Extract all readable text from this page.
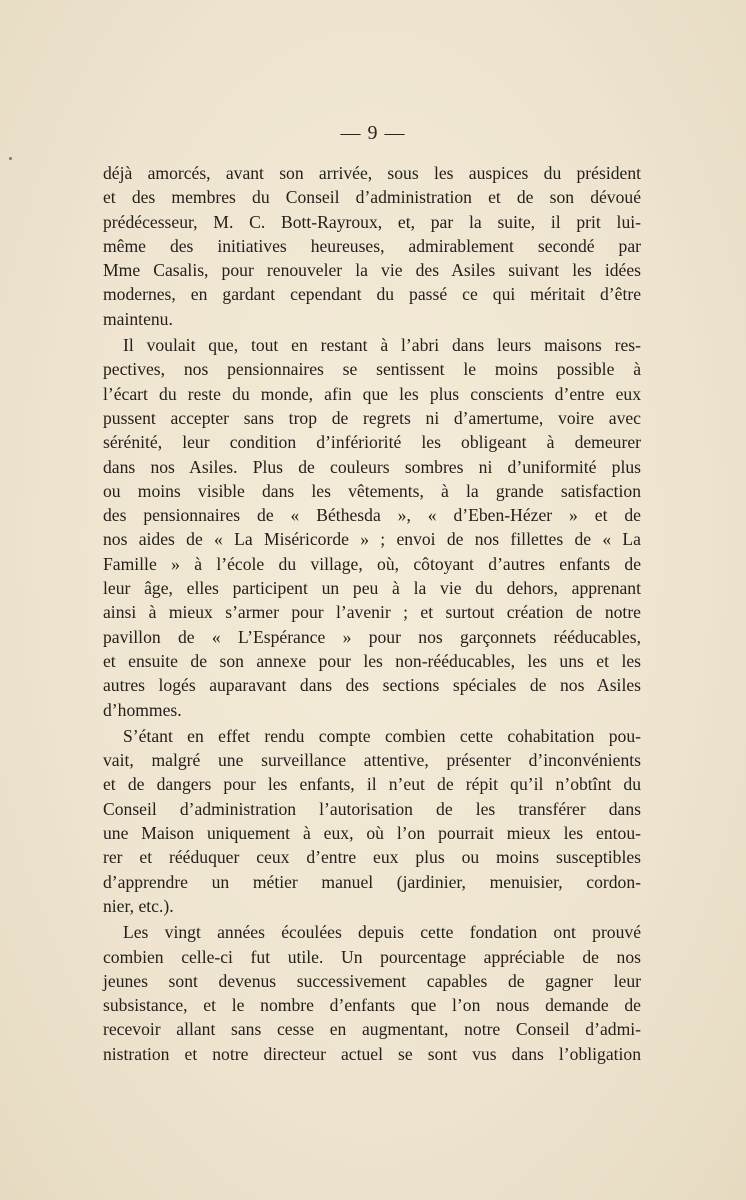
— 9 —
déjà amorcés, avant son arrivée, sous les auspices du président
et des membres du Conseil d’administration et de son dévoué
prédécesseur, M. C. Bott-Rayroux, et, par la suite, il prit lui-
même des initiatives heureuses, admirablement secondé par
Mme Casalis, pour renouveler la vie des Asiles suivant les idées
modernes, en gardant cependant du passé ce qui méritait d’être
maintenu.
Il voulait que, tout en restant à l’abri dans leurs maisons res-
pectives, nos pensionnaires se sentissent le moins possible à
l’écart du reste du monde, afin que les plus conscients d’entre eux
pussent accepter sans trop de regrets ni d’amertume, voire avec
sérénité, leur condition d’infériorité les obligeant à demeurer
dans nos Asiles. Plus de couleurs sombres ni d’uniformité plus
ou moins visible dans les vêtements, à la grande satisfaction
des pensionnaires de « Béthesda », « d’Eben-Hézer » et de
nos aides de « La Miséricorde » ; envoi de nos fillettes de « La
Famille » à l’école du village, où, côtoyant d’autres enfants de
leur âge, elles participent un peu à la vie du dehors, apprenant
ainsi à mieux s’armer pour l’avenir ; et surtout création de notre
pavillon de « L’Espérance » pour nos garçonnets rééducables,
et ensuite de son annexe pour les non-rééducables, les uns et les
autres logés auparavant dans des sections spéciales de nos Asiles
d’hommes.
S’étant en effet rendu compte combien cette cohabitation pou-
vait, malgré une surveillance attentive, présenter d’inconvénients
et de dangers pour les enfants, il n’eut de répit qu’il n’obtînt du
Conseil d’administration l’autorisation de les transférer dans
une Maison uniquement à eux, où l’on pourrait mieux les entou-
rer et rééduquer ceux d’entre eux plus ou moins susceptibles
d’apprendre un métier manuel (jardinier, menuisier, cordon-
nier, etc.).
Les vingt années écoulées depuis cette fondation ont prouvé
combien celle-ci fut utile. Un pourcentage appréciable de nos
jeunes sont devenus successivement capables de gagner leur
subsistance, et le nombre d’enfants que l’on nous demande de
recevoir allant sans cesse en augmentant, notre Conseil d’admi-
nistration et notre directeur actuel se sont vus dans l’obligation
